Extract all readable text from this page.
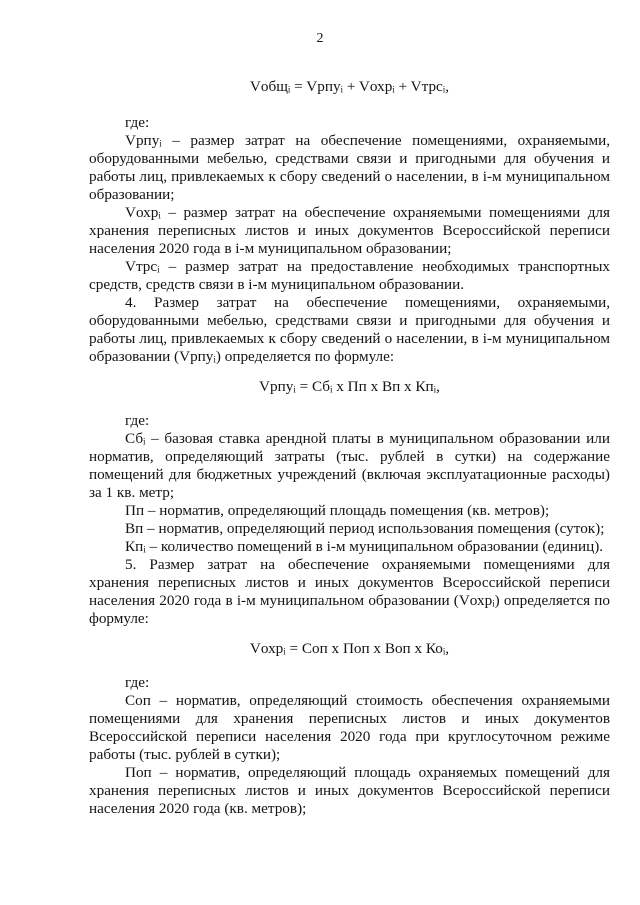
2
Vобщᵢ = Vрпуᵢ + Vохрᵢ + Vтрсᵢ,
где:
Vрпуᵢ – размер затрат на обеспечение помещениями, охраняемыми,
оборудованными мебелью, средствами связи и пригодными для обучения и
работы лиц, привлекаемых к сбору сведений о населении, в i-м муниципальном
образовании;
Vохрᵢ – размер затрат на обеспечение охраняемыми помещениями для
хранения переписных листов и иных документов Всероссийской переписи
населения 2020 года в i-м муниципальном образовании;
Vтрсᵢ – размер затрат на предоставление необходимых транспортных
средств, средств связи в i-м муниципальном образовании.
4. Размер затрат на обеспечение помещениями, охраняемыми,
оборудованными мебелью, средствами связи и пригодными для обучения и
работы лиц, привлекаемых к сбору сведений о населении, в i-м муниципальном
образовании (Vрпуᵢ) определяется по формуле:
Vрпуᵢ = Сбᵢ x Пп x Вп x Кпᵢ,
где:
Сбᵢ – базовая ставка арендной платы в муниципальном образовании или
норматив, определяющий затраты (тыс. рублей в сутки) на содержание
помещений для бюджетных учреждений (включая эксплуатационные расходы)
за 1 кв. метр;
Пп – норматив, определяющий площадь помещения (кв. метров);
Вп – норматив, определяющий период использования помещения (суток);
Кпᵢ – количество помещений в i-м муниципальном образовании (единиц).
5. Размер затрат на обеспечение охраняемыми помещениями для
хранения переписных листов и иных документов Всероссийской переписи
населения 2020 года в i-м муниципальном образовании (Vохрᵢ) определяется по
формуле:
Vохрᵢ = Соп x Поп x Воп x Коᵢ,
где:
Соп – норматив, определяющий стоимость обеспечения охраняемыми
помещениями для хранения переписных листов и иных документов
Всероссийской переписи населения 2020 года при круглосуточном режиме
работы (тыс. рублей в сутки);
Поп – норматив, определяющий площадь охраняемых помещений для
хранения переписных листов и иных документов Всероссийской переписи
населения 2020 года (кв. метров);
